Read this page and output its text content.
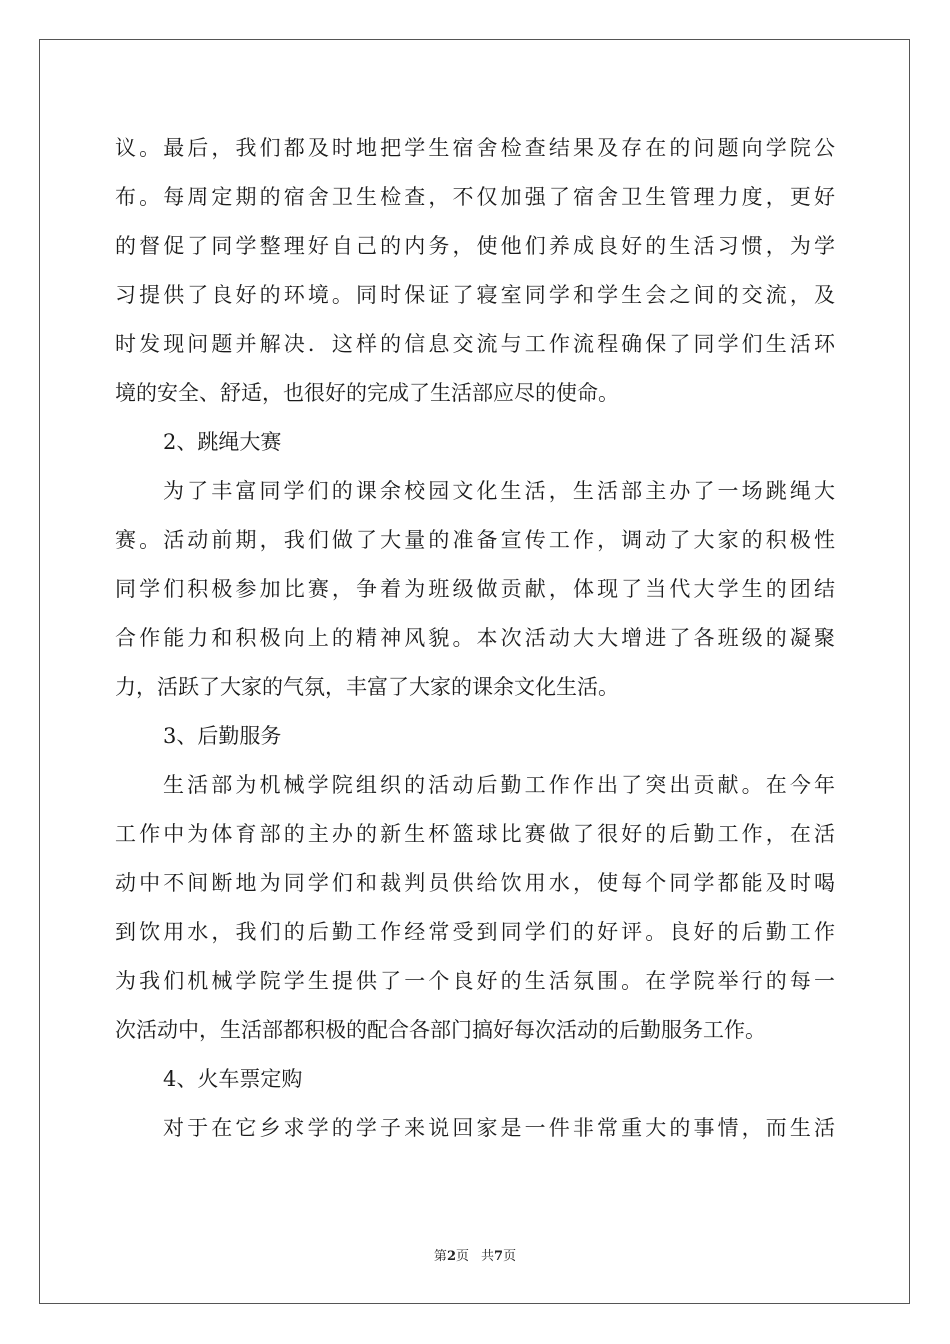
议。最后，我们都及时地把学生宿舍检查结果及存在的问题向学院公
布。每周定期的宿舍卫生检查，不仅加强了宿舍卫生管理力度，更好
的督促了同学整理好自己的内务，使他们养成良好的生活习惯，为学
习提供了良好的环境。同时保证了寝室同学和学生会之间的交流，及
时发现问题并解决．这样的信息交流与工作流程确保了同学们生活环
境的安全、舒适，也很好的完成了生活部应尽的使命。
2、跳绳大赛
为了丰富同学们的课余校园文化生活，生活部主办了一场跳绳大
赛。活动前期，我们做了大量的准备宣传工作，调动了大家的积极性
同学们积极参加比赛，争着为班级做贡献，体现了当代大学生的团结
合作能力和积极向上的精神风貌。本次活动大大增进了各班级的凝聚
力，活跃了大家的气氛，丰富了大家的课余文化生活。
3、后勤服务
生活部为机械学院组织的活动后勤工作作出了突出贡献。在今年
工作中为体育部的主办的新生杯篮球比赛做了很好的后勤工作，在活
动中不间断地为同学们和裁判员供给饮用水，使每个同学都能及时喝
到饮用水，我们的后勤工作经常受到同学们的好评。良好的后勤工作
为我们机械学院学生提供了一个良好的生活氛围。在学院举行的每一
次活动中，生活部都积极的配合各部门搞好每次活动的后勤服务工作。
4、火车票定购
对于在它乡求学的学子来说回家是一件非常重大的事情，而生活
第2页 共7页
